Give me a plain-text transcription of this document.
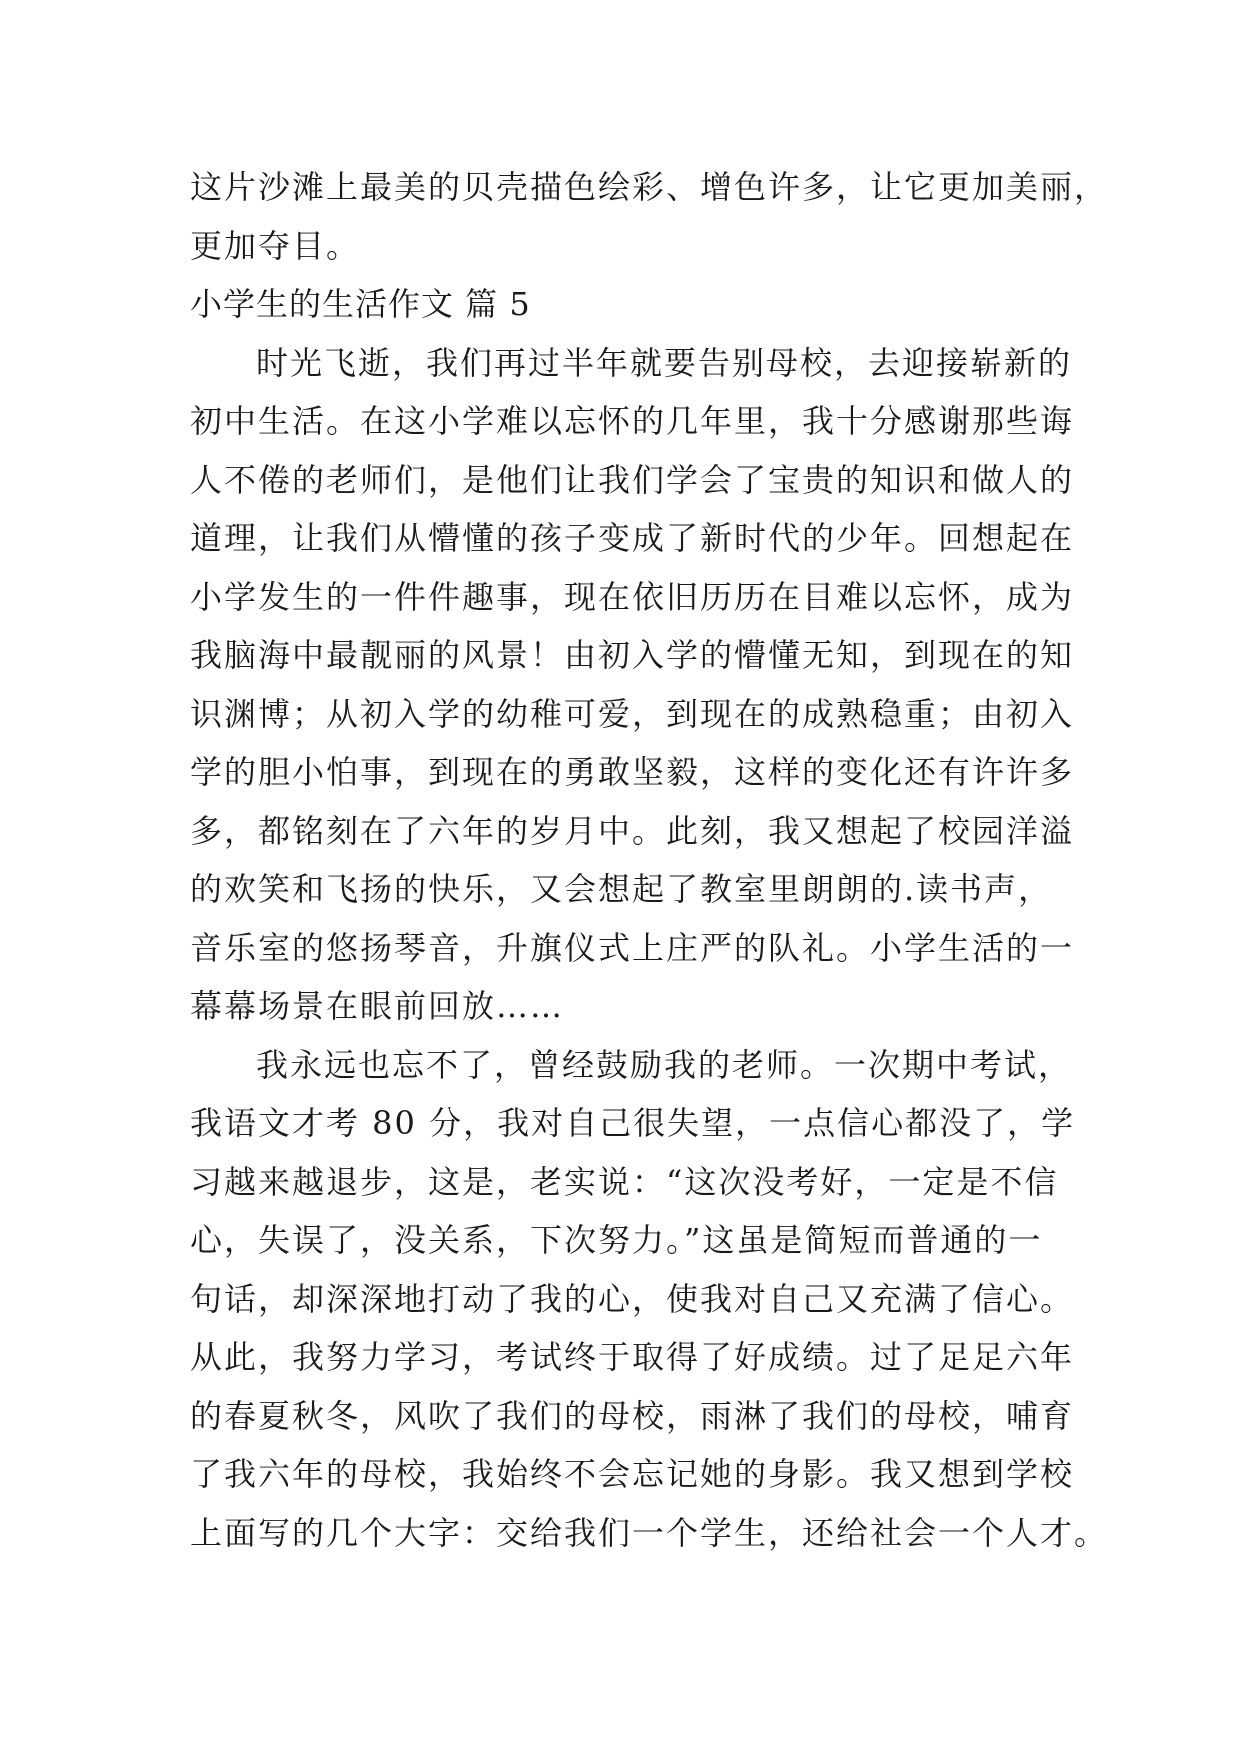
这片沙滩上最美的贝壳描色绘彩、增色许多，让它更加美丽，
更加夺目。
小学生的生活作文 篇 5
时光飞逝，我们再过半年就要告别母校，去迎接崭新的
初中生活。在这小学难以忘怀的几年里，我十分感谢那些诲
人不倦的老师们，是他们让我们学会了宝贵的知识和做人的
道理，让我们从懵懂的孩子变成了新时代的少年。回想起在
小学发生的一件件趣事，现在依旧历历在目难以忘怀，成为
我脑海中最靓丽的风景！由初入学的懵懂无知，到现在的知
识渊博；从初入学的幼稚可爱，到现在的成熟稳重；由初入
学的胆小怕事，到现在的勇敢坚毅，这样的变化还有许许多
多，都铭刻在了六年的岁月中。此刻，我又想起了校园洋溢
的欢笑和飞扬的快乐，又会想起了教室里朗朗的.读书声，
音乐室的悠扬琴音，升旗仪式上庄严的队礼。小学生活的一
幕幕场景在眼前回放……
我永远也忘不了，曾经鼓励我的老师。一次期中考试，
我语文才考 80 分，我对自己很失望，一点信心都没了，学
习越来越退步，这是，老实说：“这次没考好，一定是不信
心，失误了，没关系，下次努力。”这虽是简短而普通的一
句话，却深深地打动了我的心，使我对自己又充满了信心。
从此，我努力学习，考试终于取得了好成绩。过了足足六年
的春夏秋冬，风吹了我们的母校，雨淋了我们的母校，哺育
了我六年的母校，我始终不会忘记她的身影。我又想到学校
上面写的几个大字：交给我们一个学生，还给社会一个人才。
